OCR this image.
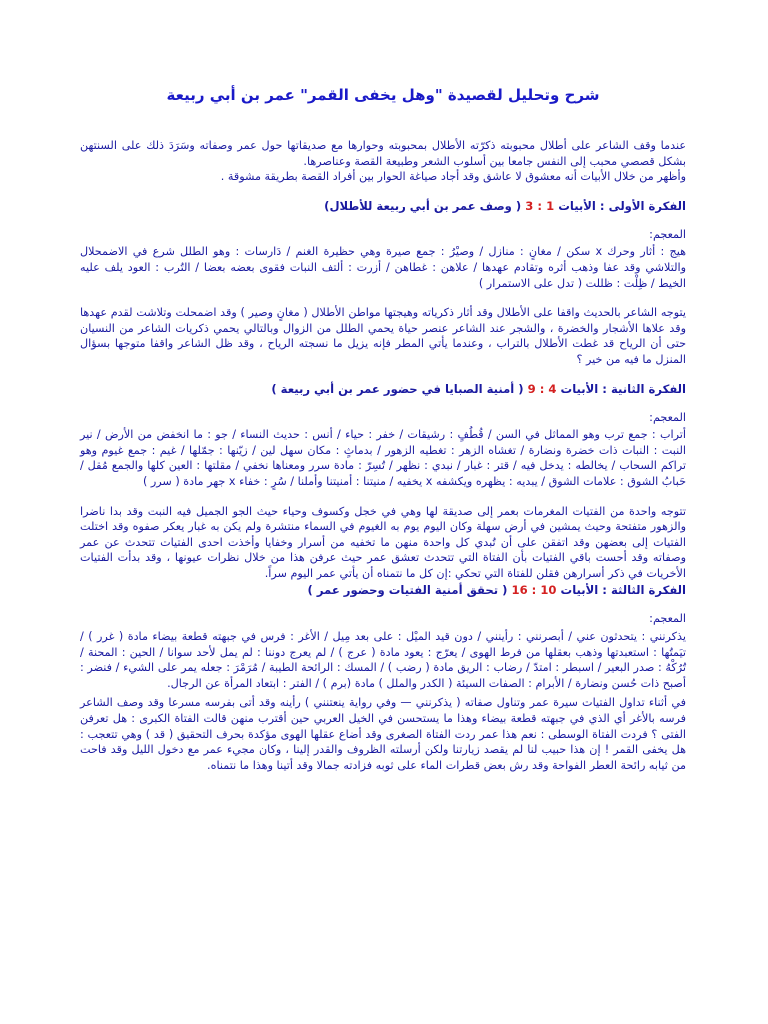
شرح وتحليل لقصيدة "وهل يخفى القمر" عمر بن أبي ربيعة

عندما وقف الشاعر على أطلال محبوبته ذكرّته الأطلال بمحبوبته وحوارها مع صديقاتها حول عمر وصفاته وسَرَدَ ذلك على السنتهن بشكل قصصي محبب إلى النفس جامعا بين أسلوب الشعر وطبيعة القصة وعناصرها.

وأظهر من خلال الأبيات أنه معشوق لا عاشق وقد أجاد صياغة الحوار بين أفراد القصة بطريقة مشوقة .

الفكرة الأولى : الأبيات 1 : 3 ( وصف عمر بن أبي ربيعة للأطلال)

المعجم:

هيج : أثار وحرك x سكن / مغانٍ : منازل / وصيْرُ : جمع صيرة وهي حظيرة الغنم / دَارسات : وهو الطلل شرع في الاضمحلال والتلاشي وقد عفا وذهب أثره وتقادم عهدها / علاهن : غطاهن / أزرت : ألتف النبات فقوى بعضه بعضا / التُرب : العود يلف عليه الخيط / ظِلْت : ظللت ( تدل على الاستمرار )

يتوجه الشاعر بالحديث واقفا على الأطلال وقد أثار ذكرياته وهيجتها مواطن الأطلال ( مغانٍ وصير ) وقد اضمحلت وتلاشت لقدم عهدها وقد علاها الأشجار والخضرة ، والشجر عند الشاعر عنصر حياة يحمي الطلل من الزوال وبالتالي يحمي ذكريات الشاعر من النسيان حتى أن الرياح قد غطت الأطلال بالتراب ، وعندما يأتي المطر فإنه يزيل ما نسجته الرياح ، وقد ظل الشاعر واقفا متوجها بسؤال المنزل ما فيه من خير ؟

الفكرة الثانية : الأبيات 4 : 9 ( أمنية الصبايا في حضور عمر بن أبي ربيعة )

المعجم:

أتراب : جمع ترب وهو المماثل في السن / قُطُفٍ : رشيقات / خفر : حياء / أنس : حديث النساء / جو : ما انخفض من الأرض / نير النبت : النبات ذات خضرة ونضارة / تغشاه الزهر : تغطيه الزهور / بدماثٍ : مكان سهل لين / زيّنها : جمّلها / غيم : جمع غيوم وهو تراكم السحاب / يخالطه : يدخل فيه / قتر : غبار / نبدي : نظهر / تُسِرّ : مادة سرر ومعناها نخفي / مقلتها : العين كلها والجمع مُقل / حَبابُ الشوق : علامات الشوق / يبديه : يظهره ويكشفه x يخفيه / منيتنا : أمنيتنا وأملنا / سُرٍ : خفاء x جهر مادة ( سرر )

تتوجه واحدة من الفتيات المغرمات بعمر إلى صديقة لها وهي في خجل وكسوف وحياء حيث الجو الجميل فيه النبت وقد بدا ناضرا والزهور متفتحة وحيث يمشين في أرض سهلة وكان اليوم يوم به الغيوم في السماء منتشرة ولم يكن به غبار يعكر صفوه وقد اختلت الفتيات إلى بعضهن وقد اتفقن على أن تُبدي كل واحدة منهن ما تخفيه من أسرار وخفايا وأخذت احدى الفتيات تتحدث عن عمر وصفاته وقد أحست باقي الفتيات بأن الفتاة التي تتحدث تعشق عمر حيث عرفن هذا من خلال نظرات عيونها ، وقد بدأت الفتيات الأخريات في ذكر أسرارهن فقلن للفتاة التي تحكي :إن كل ما نتمناه أن يأتي عمر اليوم سراً.

الفكرة الثالثة : الأبيات 10 : 16 ( تحقق أمنية الفتيات وحضور عمر )

المعجم:

يذكرنني : يتحدثون عني / أبصرنني : رأينني / دون قيد الميْل : على بعد مِيل / الأغر : فرس في جبهته قطعة بيضاء مادة ( غرر ) / تيَمتُها : استعبدتها وذهب بعقلها من فرط الهوى / يعرّج : يعود مادة ( عرج ) / لم يعرج دوننا : لم يمل لأحد سوانا / الحين : المحنة / تُرُكْهُ : صدر البعير / اسبطر : امتدّ / رضاب : الريق مادة ( رضب ) / المسك : الرائحة الطيبة / مُرَمْرَ : جعله يمر على الشيء / فنضر : أصبح ذات حُسن ونضارة / الأبرام : الصفات السيئة ( الكدر والملل ) مادة (برم ) / الفتر : ابتعاد المرأة عن الرجال.

في أثناء تداول الفتيات سيرة عمر وتناول صفاته ( يذكرنني — وفي رواية ينعتنني ) رأينه وقد أتى بفرسه مسرعا وقد وصف الشاعر فرسه بالأغر أي الذي في جبهته قطعة بيضاء وهذا ما يستحسن في الخيل العربي حين أقترب منهن قالت الفتاة الكبرى : هل تعرفن الفتى ؟ فردت الفتاة الوسطى : نعم هذا عمر ردت الفتاة الصغرى وقد أضاع عقلها الهوى مؤكدة بحرف التحقيق ( قد ) وهي تتعجب : هل يخفى القمر ! إن هذا حبيب لنا لم يقصد زيارتنا ولكن أرسلته الظروف والقدر إلينا ، وكان مجيء عمر مع دخول الليل وقد فاحت من ثيابه رائحة العطر الفواحة وقد رش بعض قطرات الماء على ثوبه فزادته جمالا وقد أتينا وهذا ما نتمناه.
